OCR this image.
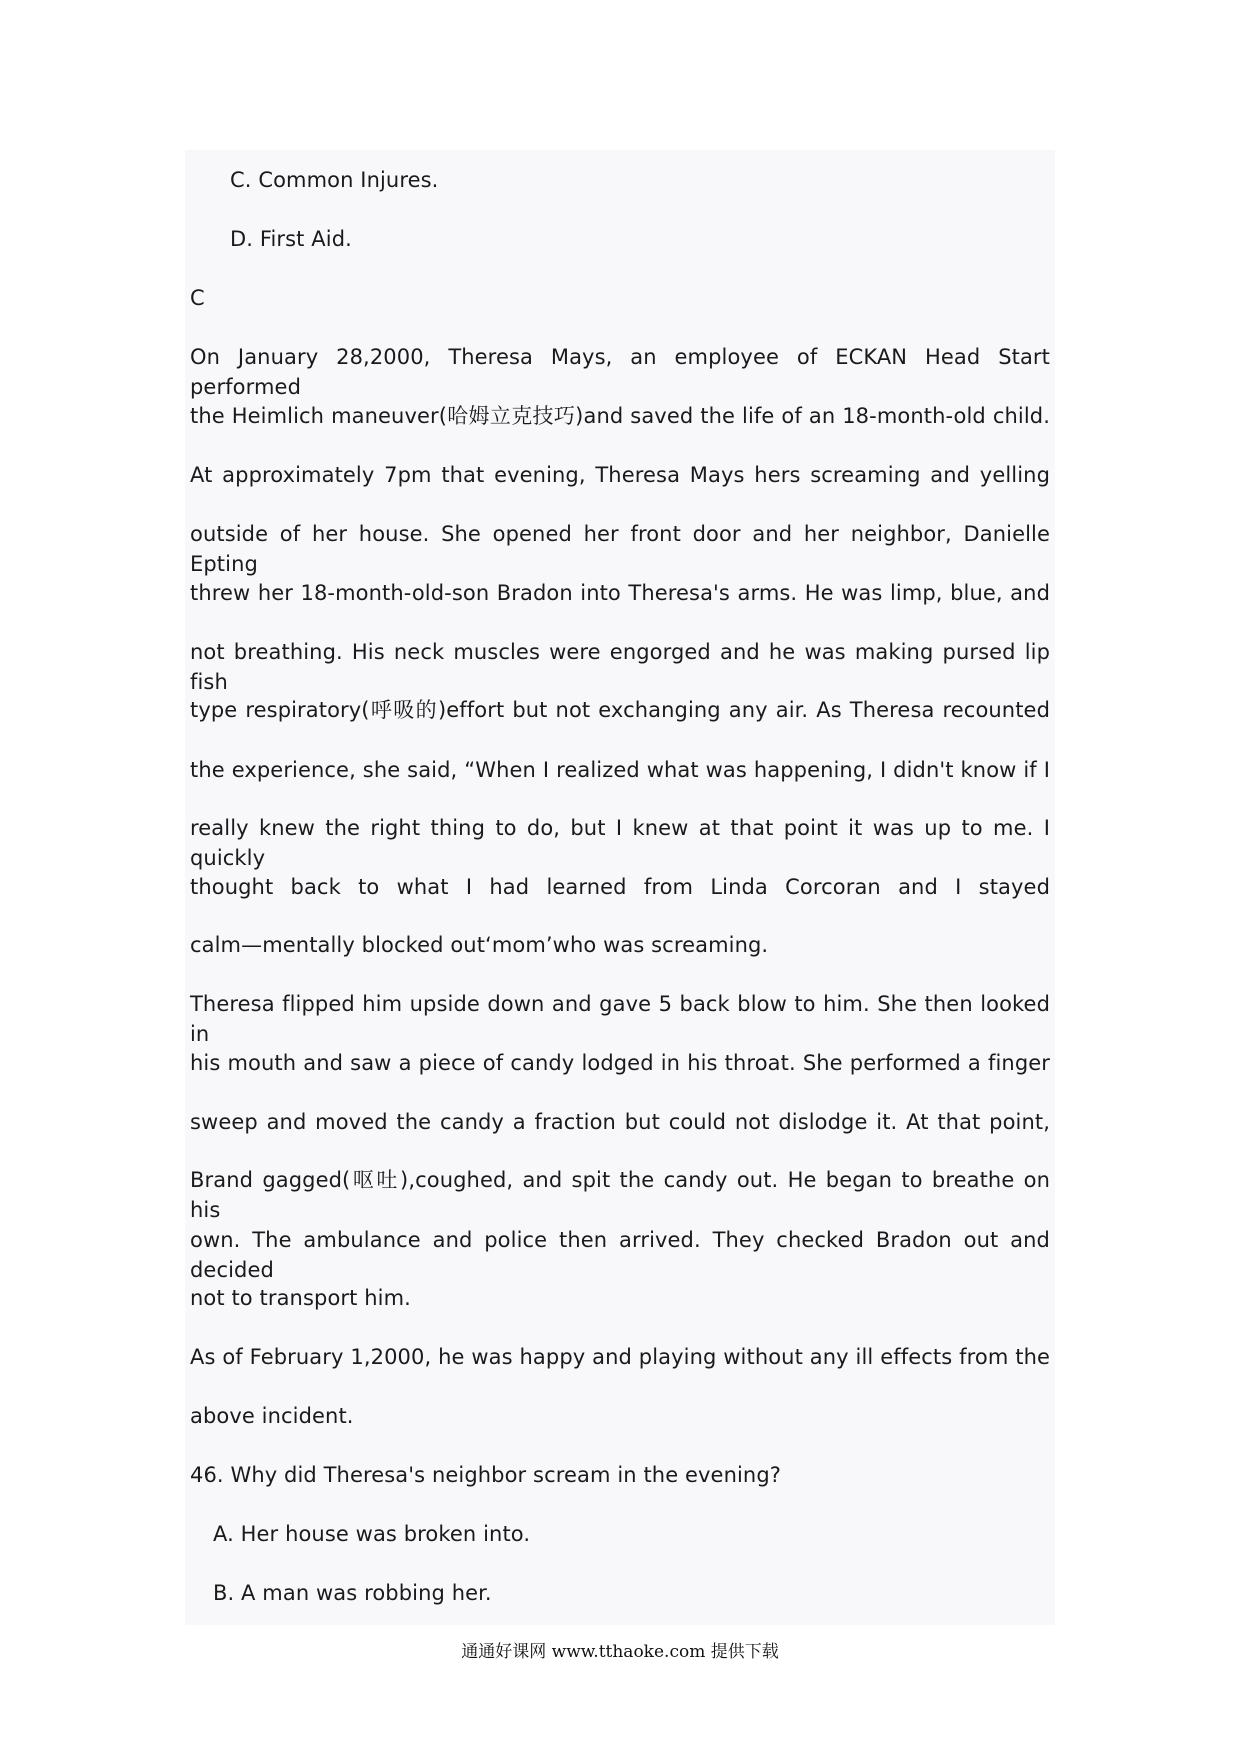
C. Common Injures.
D. First Aid.
C
On January 28,2000, Theresa Mays, an employee of ECKAN Head Start performed
the Heimlich maneuver(哈姆立克技巧)and saved the life of an 18-month-old child.
At approximately 7pm that evening, Theresa Mays hers screaming and yelling
outside of her house. She opened her front door and her neighbor, Danielle Epting
threw her 18-month-old-son Bradon into Theresa's arms. He was limp, blue, and
not breathing. His neck muscles were engorged and he was making pursed lip fish
type respiratory(呼吸的)effort but not exchanging any air. As Theresa recounted
the experience, she said, “When I realized what was happening, I didn't know if I
really knew the right thing to do, but I knew at that point it was up to me. I quickly
thought back to what I had learned from Linda Corcoran and I stayed
calm—mentally blocked out‘mom’who was screaming.
Theresa flipped him upside down and gave 5 back blow to him. She then looked in
his mouth and saw a piece of candy lodged in his throat. She performed a finger
sweep and moved the candy a fraction but could not dislodge it. At that point,
Brand gagged(呕吐),coughed, and spit the candy out. He began to breathe on his
own. The ambulance and police then arrived. They checked Bradon out and decided
not to transport him.
As of February 1,2000, he was happy and playing without any ill effects from the
above incident.
46. Why did Theresa's neighbor scream in the evening?
A. Her house was broken into.
B. A man was robbing her.
通通好课网 www.tthaoke.com 提供下载
